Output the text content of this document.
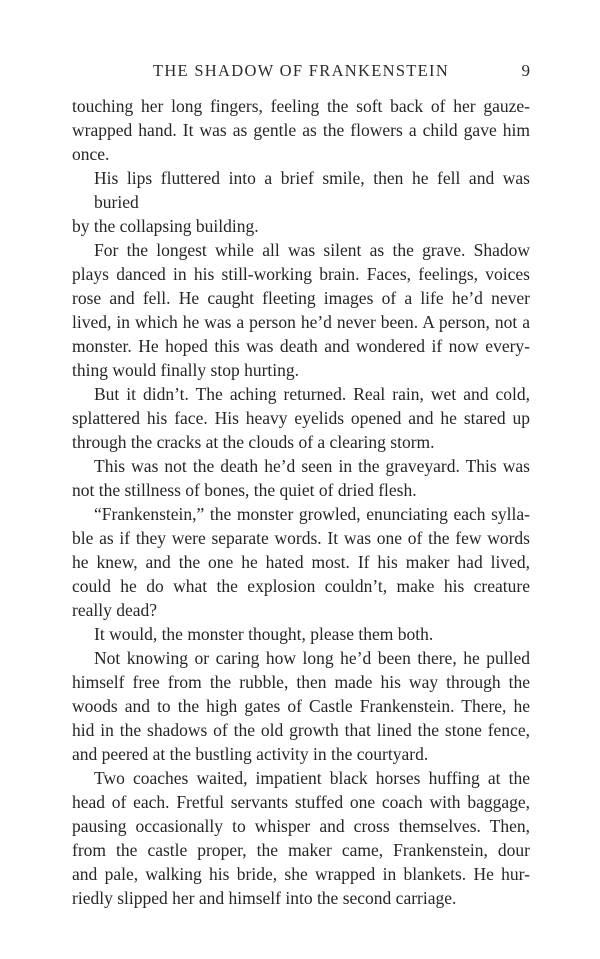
THE SHADOW OF FRANKENSTEIN	9
touching her long fingers, feeling the soft back of her gauze-
wrapped hand. It was as gentle as the flowers a child gave him
once.
His lips fluttered into a brief smile, then he fell and was buried
by the collapsing building.
For the longest while all was silent as the grave. Shadow
plays danced in his still-working brain. Faces, feelings, voices
rose and fell. He caught fleeting images of a life he’d never
lived, in which he was a person he’d never been. A person, not a
monster. He hoped this was death and wondered if now every-
thing would finally stop hurting.
But it didn’t. The aching returned. Real rain, wet and cold,
splattered his face. His heavy eyelids opened and he stared up
through the cracks at the clouds of a clearing storm.
This was not the death he’d seen in the graveyard. This was
not the stillness of bones, the quiet of dried flesh.
“Frankenstein,” the monster growled, enunciating each sylla-
ble as if they were separate words. It was one of the few words
he knew, and the one he hated most. If his maker had lived,
could he do what the explosion couldn’t, make his creature
really dead?
It would, the monster thought, please them both.
Not knowing or caring how long he’d been there, he pulled
himself free from the rubble, then made his way through the
woods and to the high gates of Castle Frankenstein. There, he
hid in the shadows of the old growth that lined the stone fence,
and peered at the bustling activity in the courtyard.
Two coaches waited, impatient black horses huffing at the
head of each. Fretful servants stuffed one coach with baggage,
pausing occasionally to whisper and cross themselves. Then,
from the castle proper, the maker came, Frankenstein, dour
and pale, walking his bride, she wrapped in blankets. He hur-
riedly slipped her and himself into the second carriage.
